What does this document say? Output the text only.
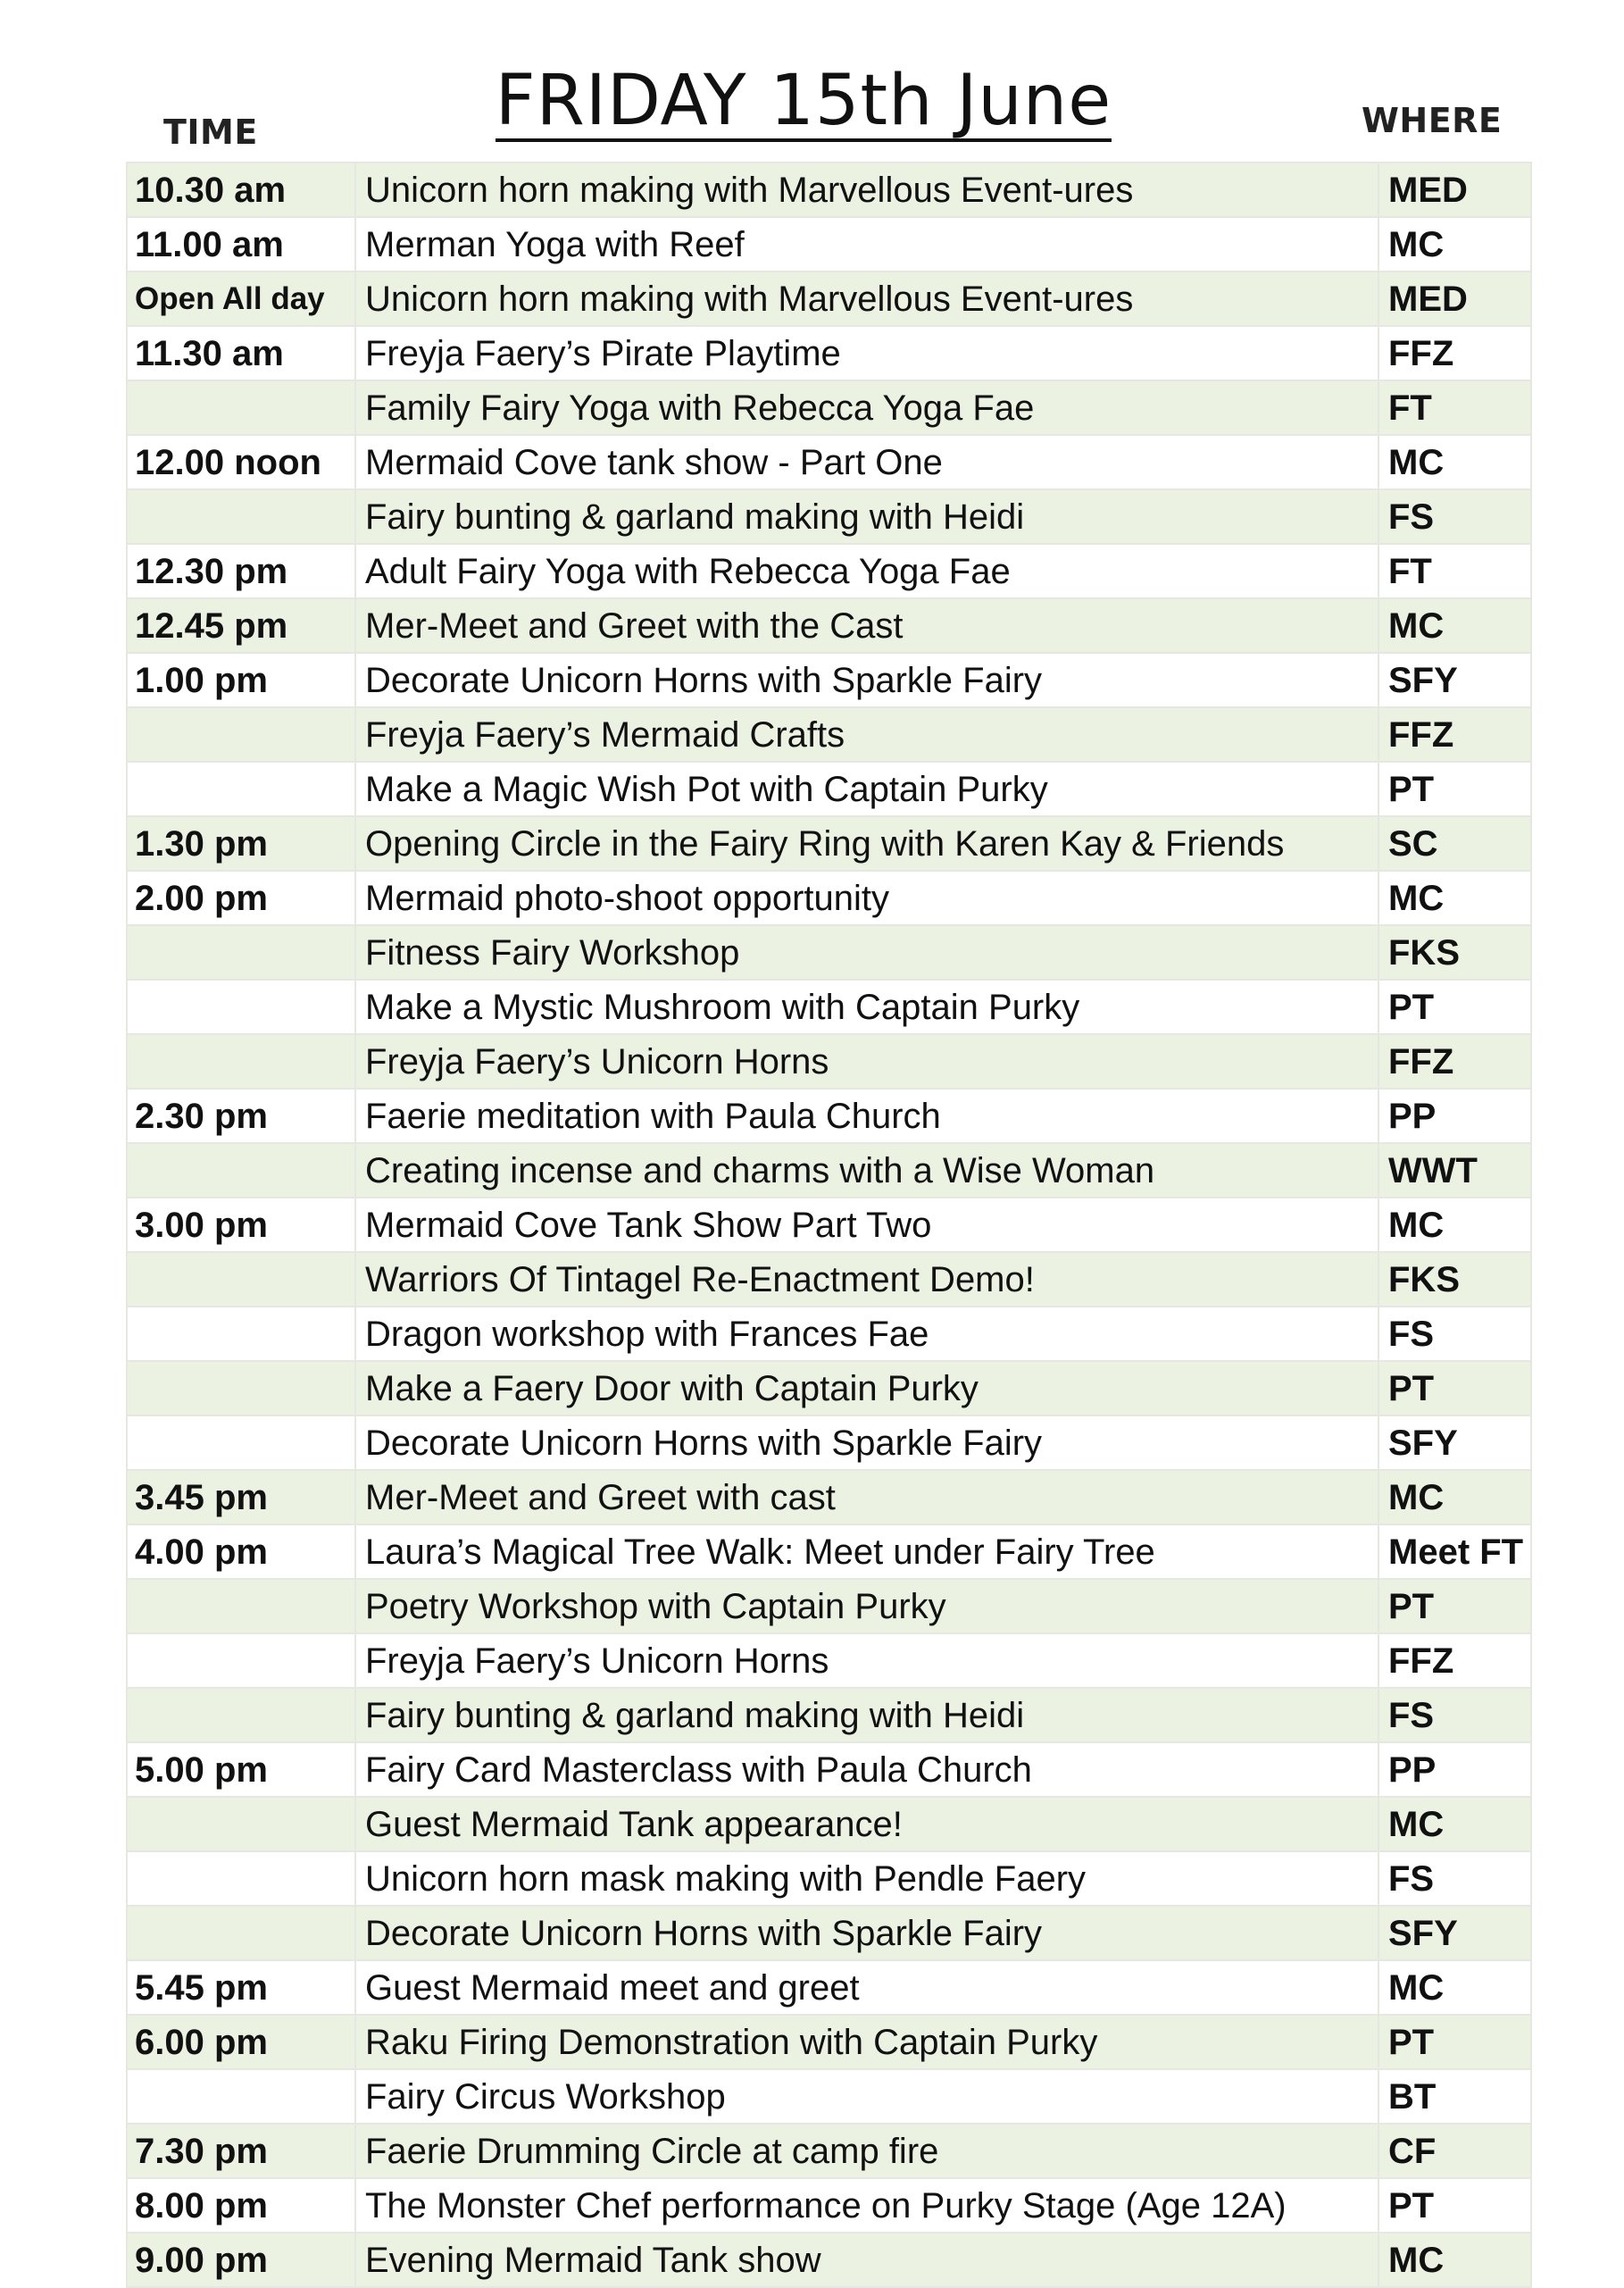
FRIDAY 15th June
TIME	WHERE
10.30 am	Unicorn horn making with Marvellous Event-ures	MED
11.00 am	Merman Yoga with Reef	MC
Open All day	Unicorn horn making with Marvellous Event-ures	MED
11.30 am	Freyja Faery’s Pirate Playtime	FFZ
	Family Fairy Yoga with Rebecca Yoga Fae	FT
12.00 noon	Mermaid Cove tank show - Part One	MC
	Fairy bunting & garland making with Heidi	FS
12.30 pm	Adult Fairy Yoga with Rebecca Yoga Fae	FT
12.45 pm	Mer-Meet and Greet with the Cast	MC
1.00 pm	Decorate Unicorn Horns with Sparkle Fairy	SFY
	Freyja Faery’s Mermaid Crafts	FFZ
	Make a Magic Wish Pot with Captain Purky	PT
1.30 pm	Opening Circle in the Fairy Ring with Karen Kay & Friends	SC
2.00 pm	Mermaid photo-shoot opportunity	MC
	Fitness Fairy Workshop	FKS
	Make a Mystic Mushroom with Captain Purky	PT
	Freyja Faery’s Unicorn Horns	FFZ
2.30 pm	Faerie meditation with Paula Church	PP
	Creating incense and charms with a Wise Woman	WWT
3.00 pm	Mermaid Cove Tank Show Part Two	MC
	Warriors Of Tintagel Re-Enactment Demo!	FKS
	Dragon workshop with Frances Fae	FS
	Make a Faery Door with Captain Purky	PT
	Decorate Unicorn Horns with Sparkle Fairy	SFY
3.45 pm	Mer-Meet and Greet with cast	MC
4.00 pm	Laura’s Magical Tree Walk: Meet under Fairy Tree	Meet FT
	Poetry Workshop with Captain Purky	PT
	Freyja Faery’s Unicorn Horns	FFZ
	Fairy bunting & garland making with Heidi	FS
5.00 pm	Fairy Card Masterclass with Paula Church	PP
	Guest Mermaid Tank appearance!	MC
	Unicorn horn mask making with Pendle Faery	FS
	Decorate Unicorn Horns with Sparkle Fairy	SFY
5.45 pm	Guest Mermaid meet and greet	MC
6.00 pm	Raku Firing Demonstration with Captain Purky	PT
	Fairy Circus Workshop	BT
7.30 pm	Faerie Drumming Circle at camp fire	CF
8.00 pm	The Monster Chef performance on Purky Stage (Age 12A)	PT
9.00 pm	Evening Mermaid Tank show	MC
